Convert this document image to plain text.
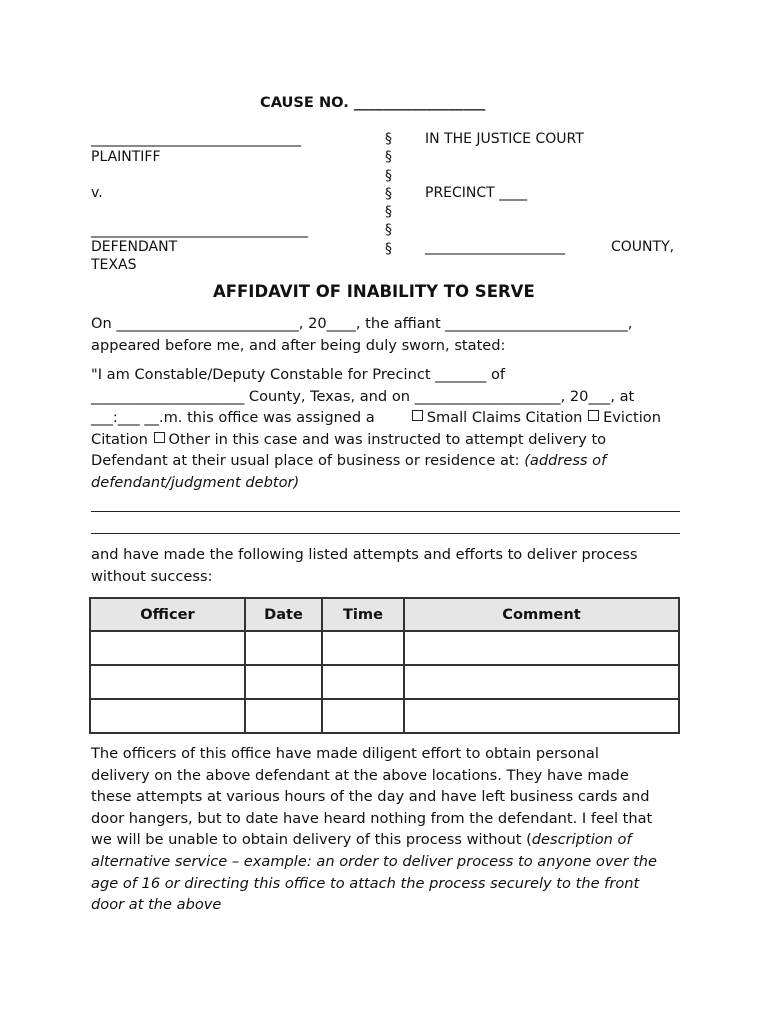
CAUSE NO. __________________
______________________________
PLAINTIFF
v.
_______________________________
DEFENDANT
TEXAS
§
§
§
§
§
§
§
IN THE JUSTICE COURT
PRECINCT ____
____________________	COUNTY,
AFFIDAVIT OF INABILITY TO SERVE

On _________________________, 20____, the affiant _________________________,

appeared before me, and after being duly sworn, stated:

"I am Constable/Deputy Constable for Precinct _______ of

_____________________ County, Texas, and on ____________________, 20___, at

___:___ __.m. this office was assigned a	Small Claims Citation Eviction

Citation Other in this case and was instructed to attempt delivery to

Defendant at their usual place of business or residence at: (address of

defendant/judgment debtor)

and have made the following listed attempts and efforts to deliver process

without success:

Officer	Date	Time	Comment

The officers of this office have made diligent effort to obtain personal

delivery on the above defendant at the above locations. They have made

these attempts at various hours of the day and have left business cards and

door hangers, but to date have heard nothing from the defendant. I feel that

we will be unable to obtain delivery of this process without (description of

alternative service – example: an order to deliver process to anyone over the

age of 16 or directing this office to attach the process securely to the front

door at the above
